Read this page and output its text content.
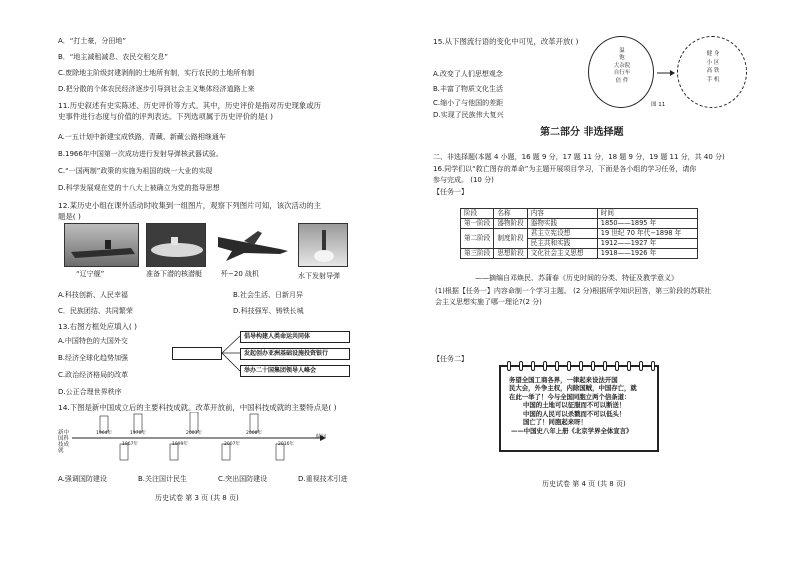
A．“打土豪，分田地”
B．“地主减租减息、农民交租交息”
C.废除地主阶级封建剥削的土地所有制，实行农民的土地所有制
D.把分散的个体农民经济逐步引导到社会主义集体经济道路上来
11.历史叙述有史实陈述、历史评价等方式。其中，历史评价是指对历史现象或历
史事件进行态度与价值的评判表达。下列选项属于历史评价的是( )
A.一五计划中新建宝成铁路，青藏、新藏公路相继通车
B.1966年中国第一次成功进行发射导弹核武器试验。
C.“一国两制”政策的实施为祖国的统一大业的实现
D.科学发展观在党的十八大上被确立为党的指导思想
12.某历史小组在课外活动时收集到一组图片，观察下列图片可知，该次活动的主
题是( )
“辽宁舰”	准备下潜的核潜艇	歼−20 战机	水下发射导弹
A.科技创新、人民幸福	B.社会生活、日新月异
C．民族团结、共同繁荣	D.科技强军、铸铁长城
13.右图方框处应填入( )
A.中国特色的大国外交
B.经济全球化趋势加强
C.政治经济格局的改革
D.公正合理世界秩序
倡导构建人类命运共同体
发起创办亚洲基础设施投资银行
举办二十国集团领导人峰会
14.下图是新中国成立后的主要科技成就。改革开放前，中国科技成就的主要特点是( )
新中国科技成就
1964年
1967年
1970年
1999年
2003年
2007年
2008年
2016年
时间
A.强调国防建设	B.关注国计民生	C.突出国防建设	D.重视技术引进
历史试卷 第 3 页 (共 8 页)
15.从下图流行语的变化中可见，改革开放( )
A.改变了人们思想观念
B.丰富了物质文化生活
C.缩小了与他国的差距
D.实现了民族伟大复兴
温
饱
大杂院
自行车
倍 件
健 身
小 区
高 铁
手 机
图 11
第二部分 非选择题
二、非选择题(本题 4 小题，16 题 9 分，17 题 11 分，18 题 9 分，19 题 11 分，共 40 分)
16.同学们以“救亡图存的革命”为主题开展项目学习，下面是各小组的学习任务，请你
参与完成。 (10 分)
【任务一】
阶段	名称	内容	时间
第一阶段	器物阶段	器物实践	1850——1895 年
第二阶段	制度阶段	君主立宪设想	19 世纪 70 年代−1898 年
		民主共和实践	1912——1927 年
第三阶段	思想阶段	文化社会主义思想	1918——1926 年
——摘编自邓焕民、苏蒲春《历史时间的分类、特征及教学意义》
(1)根据【任务一】内容命制一个学习主题。 (2 分)根据所学知识回答，第三阶段的苏联社
会主义思想实施了哪一理论?(2 分)
【任务二】
务望全国工商各界，一律起来设法开国
民大会，外争主权，内除国贼，中国存亡，就
在此一举了！今与全国同胞立两个信条道：
中国的土地可以征服而不可以断送！
中国的人民可以杀戮而不可以低头！
国亡了！同胞起来呀！
——中国史八年上册《北京学界全体宣言》
历史试卷 第 4 页 (共 8 页)
